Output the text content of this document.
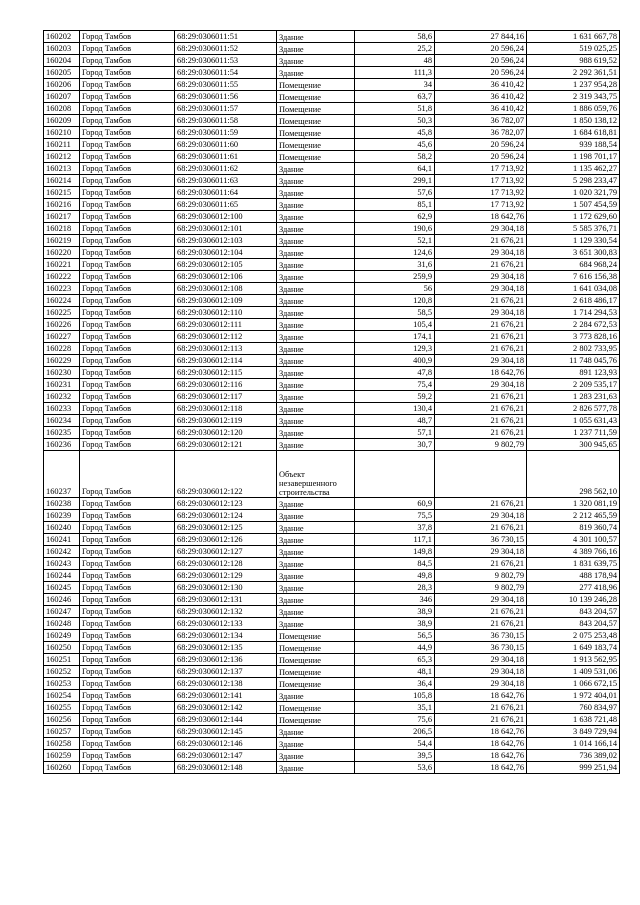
160202	Город Тамбов	68:29:0306011:51	Здание	58,6	27 844,16	1 631 667,78
160203	Город Тамбов	68:29:0306011:52	Здание	25,2	20 596,24	519 025,25
160204	Город Тамбов	68:29:0306011:53	Здание	48	20 596,24	988 619,52
160205	Город Тамбов	68:29:0306011:54	Здание	111,3	20 596,24	2 292 361,51
160206	Город Тамбов	68:29:0306011:55	Помещение	34	36 410,42	1 237 954,28
160207	Город Тамбов	68:29:0306011:56	Помещение	63,7	36 410,42	2 319 343,75
160208	Город Тамбов	68:29:0306011:57	Помещение	51,8	36 410,42	1 886 059,76
160209	Город Тамбов	68:29:0306011:58	Помещение	50,3	36 782,07	1 850 138,12
160210	Город Тамбов	68:29:0306011:59	Помещение	45,8	36 782,07	1 684 618,81
160211	Город Тамбов	68:29:0306011:60	Помещение	45,6	20 596,24	939 188,54
160212	Город Тамбов	68:29:0306011:61	Помещение	58,2	20 596,24	1 198 701,17
160213	Город Тамбов	68:29:0306011:62	Здание	64,1	17 713,92	1 135 462,27
160214	Город Тамбов	68:29:0306011:63	Здание	299,1	17 713,92	5 298 233,47
160215	Город Тамбов	68:29:0306011:64	Здание	57,6	17 713,92	1 020 321,79
160216	Город Тамбов	68:29:0306011:65	Здание	85,1	17 713,92	1 507 454,59
160217	Город Тамбов	68:29:0306012:100	Здание	62,9	18 642,76	1 172 629,60
160218	Город Тамбов	68:29:0306012:101	Здание	190,6	29 304,18	5 585 376,71
160219	Город Тамбов	68:29:0306012:103	Здание	52,1	21 676,21	1 129 330,54
160220	Город Тамбов	68:29:0306012:104	Здание	124,6	29 304,18	3 651 300,83
160221	Город Тамбов	68:29:0306012:105	Здание	31,6	21 676,21	684 968,24
160222	Город Тамбов	68:29:0306012:106	Здание	259,9	29 304,18	7 616 156,38
160223	Город Тамбов	68:29:0306012:108	Здание	56	29 304,18	1 641 034,08
160224	Город Тамбов	68:29:0306012:109	Здание	120,8	21 676,21	2 618 486,17
160225	Город Тамбов	68:29:0306012:110	Здание	58,5	29 304,18	1 714 294,53
160226	Город Тамбов	68:29:0306012:111	Здание	105,4	21 676,21	2 284 672,53
160227	Город Тамбов	68:29:0306012:112	Здание	174,1	21 676,21	3 773 828,16
160228	Город Тамбов	68:29:0306012:113	Здание	129,3	21 676,21	2 802 733,95
160229	Город Тамбов	68:29:0306012:114	Здание	400,9	29 304,18	11 748 045,76
160230	Город Тамбов	68:29:0306012:115	Здание	47,8	18 642,76	891 123,93
160231	Город Тамбов	68:29:0306012:116	Здание	75,4	29 304,18	2 209 535,17
160232	Город Тамбов	68:29:0306012:117	Здание	59,2	21 676,21	1 283 231,63
160233	Город Тамбов	68:29:0306012:118	Здание	130,4	21 676,21	2 826 577,78
160234	Город Тамбов	68:29:0306012:119	Здание	48,7	21 676,21	1 055 631,43
160235	Город Тамбов	68:29:0306012:120	Здание	57,1	21 676,21	1 237 711,59
160236	Город Тамбов	68:29:0306012:121	Здание	30,7	9 802,79	300 945,65
160237	Город Тамбов	68:29:0306012:122	Объект незавершенного строительства			298 562,10
160238	Город Тамбов	68:29:0306012:123	Здание	60,9	21 676,21	1 320 081,19
160239	Город Тамбов	68:29:0306012:124	Здание	75,5	29 304,18	2 212 465,59
160240	Город Тамбов	68:29:0306012:125	Здание	37,8	21 676,21	819 360,74
160241	Город Тамбов	68:29:0306012:126	Здание	117,1	36 730,15	4 301 100,57
160242	Город Тамбов	68:29:0306012:127	Здание	149,8	29 304,18	4 389 766,16
160243	Город Тамбов	68:29:0306012:128	Здание	84,5	21 676,21	1 831 639,75
160244	Город Тамбов	68:29:0306012:129	Здание	49,8	9 802,79	488 178,94
160245	Город Тамбов	68:29:0306012:130	Здание	28,3	9 802,79	277 418,96
160246	Город Тамбов	68:29:0306012:131	Здание	346	29 304,18	10 139 246,28
160247	Город Тамбов	68:29:0306012:132	Здание	38,9	21 676,21	843 204,57
160248	Город Тамбов	68:29:0306012:133	Здание	38,9	21 676,21	843 204,57
160249	Город Тамбов	68:29:0306012:134	Помещение	56,5	36 730,15	2 075 253,48
160250	Город Тамбов	68:29:0306012:135	Помещение	44,9	36 730,15	1 649 183,74
160251	Город Тамбов	68:29:0306012:136	Помещение	65,3	29 304,18	1 913 562,95
160252	Город Тамбов	68:29:0306012:137	Помещение	48,1	29 304,18	1 409 531,06
160253	Город Тамбов	68:29:0306012:138	Помещение	36,4	29 304,18	1 066 672,15
160254	Город Тамбов	68:29:0306012:141	Здание	105,8	18 642,76	1 972 404,01
160255	Город Тамбов	68:29:0306012:142	Помещение	35,1	21 676,21	760 834,97
160256	Город Тамбов	68:29:0306012:144	Помещение	75,6	21 676,21	1 638 721,48
160257	Город Тамбов	68:29:0306012:145	Здание	206,5	18 642,76	3 849 729,94
160258	Город Тамбов	68:29:0306012:146	Здание	54,4	18 642,76	1 014 166,14
160259	Город Тамбов	68:29:0306012:147	Здание	39,5	18 642,76	736 389,02
160260	Город Тамбов	68:29:0306012:148	Здание	53,6	18 642,76	999 251,94
